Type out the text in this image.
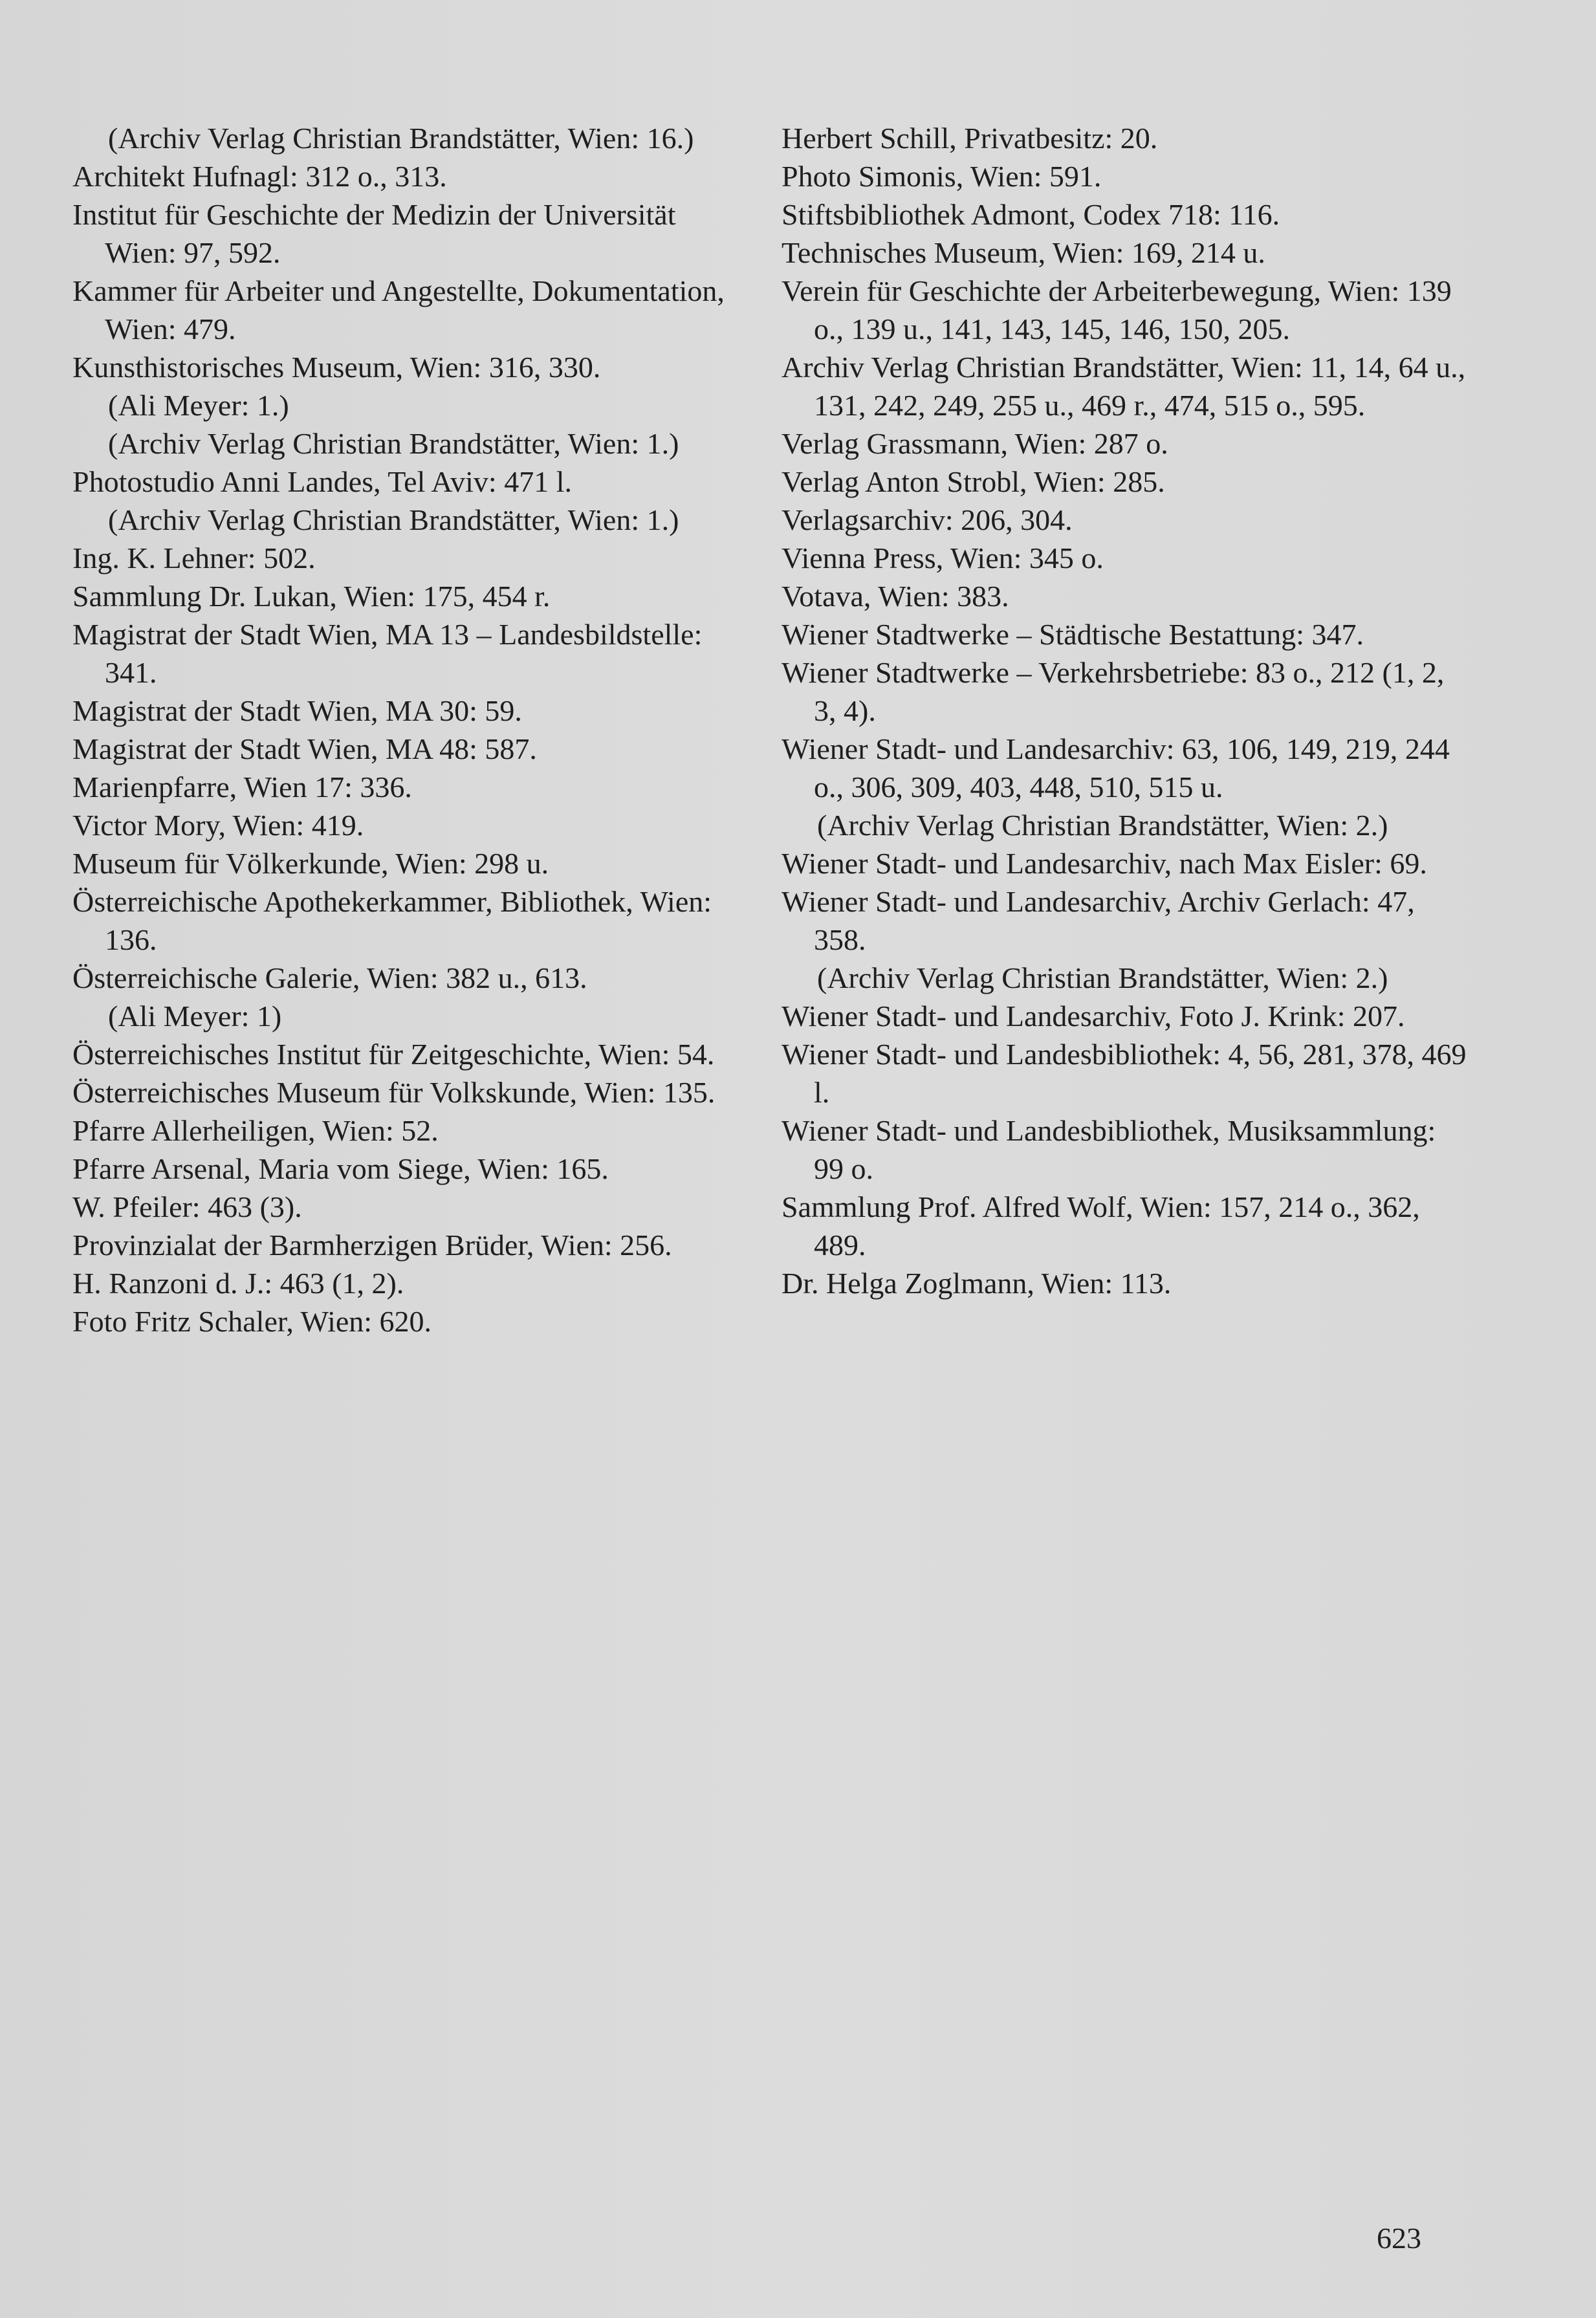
(Archiv Verlag Christian Brandstätter, Wien: 16.)
Architekt Hufnagl: 312 o., 313.
Institut für Geschichte der Medizin der Universität Wien: 97, 592.
Kammer für Arbeiter und Angestellte, Dokumentation, Wien: 479.
Kunsthistorisches Museum, Wien: 316, 330.
(Ali Meyer: 1.)
(Archiv Verlag Christian Brandstätter, Wien: 1.)
Photostudio Anni Landes, Tel Aviv: 471 l.
(Archiv Verlag Christian Brandstätter, Wien: 1.)
Ing. K. Lehner: 502.
Sammlung Dr. Lukan, Wien: 175, 454 r.
Magistrat der Stadt Wien, MA 13 – Landesbildstelle: 341.
Magistrat der Stadt Wien, MA 30: 59.
Magistrat der Stadt Wien, MA 48: 587.
Marienpfarre, Wien 17: 336.
Victor Mory, Wien: 419.
Museum für Völkerkunde, Wien: 298 u.
Österreichische Apothekerkammer, Bibliothek, Wien: 136.
Österreichische Galerie, Wien: 382 u., 613.
(Ali Meyer: 1)
Österreichisches Institut für Zeitgeschichte, Wien: 54.
Österreichisches Museum für Volkskunde, Wien: 135.
Pfarre Allerheiligen, Wien: 52.
Pfarre Arsenal, Maria vom Siege, Wien: 165.
W. Pfeiler: 463 (3).
Provinzialat der Barmherzigen Brüder, Wien: 256.
H. Ranzoni d. J.: 463 (1, 2).
Foto Fritz Schaler, Wien: 620.
Herbert Schill, Privatbesitz: 20.
Photo Simonis, Wien: 591.
Stiftsbibliothek Admont, Codex 718: 116.
Technisches Museum, Wien: 169, 214 u.
Verein für Geschichte der Arbeiterbewegung, Wien: 139 o., 139 u., 141, 143, 145, 146, 150, 205.
Archiv Verlag Christian Brandstätter, Wien: 11, 14, 64 u., 131, 242, 249, 255 u., 469 r., 474, 515 o., 595.
Verlag Grassmann, Wien: 287 o.
Verlag Anton Strobl, Wien: 285.
Verlagsarchiv: 206, 304.
Vienna Press, Wien: 345 o.
Votava, Wien: 383.
Wiener Stadtwerke – Städtische Bestattung: 347.
Wiener Stadtwerke – Verkehrsbetriebe: 83 o., 212 (1, 2, 3, 4).
Wiener Stadt- und Landesarchiv: 63, 106, 149, 219, 244 o., 306, 309, 403, 448, 510, 515 u.
(Archiv Verlag Christian Brandstätter, Wien: 2.)
Wiener Stadt- und Landesarchiv, nach Max Eisler: 69.
Wiener Stadt- und Landesarchiv, Archiv Gerlach: 47, 358.
(Archiv Verlag Christian Brandstätter, Wien: 2.)
Wiener Stadt- und Landesarchiv, Foto J. Krink: 207.
Wiener Stadt- und Landesbibliothek: 4, 56, 281, 378, 469 l.
Wiener Stadt- und Landesbibliothek, Musiksammlung: 99 o.
Sammlung Prof. Alfred Wolf, Wien: 157, 214 o., 362, 489.
Dr. Helga Zoglmann, Wien: 113.
623
